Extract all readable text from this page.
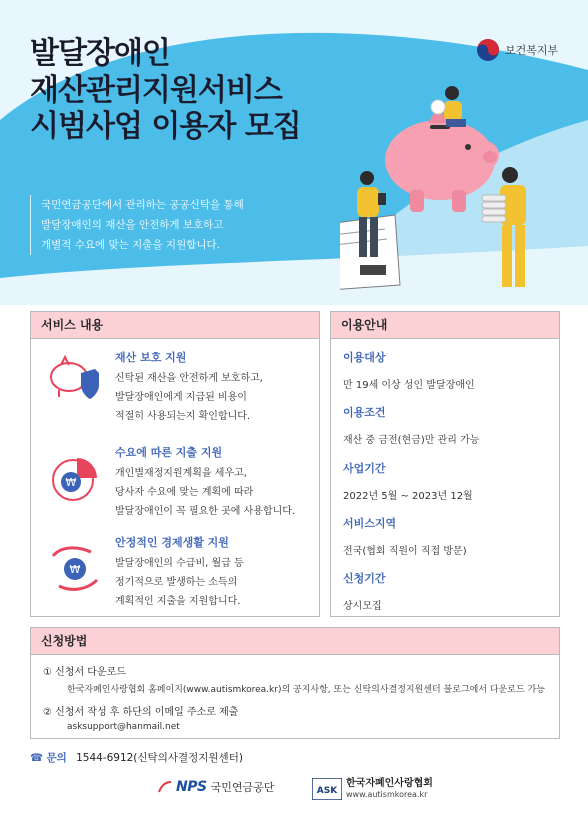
발달장애인
재산관리지원서비스
시범사업 이용자 모집
국민연금공단에서 관리하는 공공신탁을 통해
발달장애인의 재산을 안전하게 보호하고
개별적 수요에 맞는 지출을 지원합니다.
보건복지부
서비스 내용
재산 보호 지원
신탁된 재산을 안전하게 보호하고,
발달장애인에게 지급된 비용이
적절히 사용되는지 확인합니다.
₩
수요에 따른 지출 지원
개인별재정지원계획을 세우고,
당사자 수요에 맞는 계획에 따라
발달장애인이 꼭 필요한 곳에 사용합니다.
₩
안정적인 경제생활 지원
발달장애인의 수급비, 월급 등
정기적으로 발생하는 소득의
계획적인 지출을 지원합니다.
이용안내
이용대상
만 19세 이상 성인 발달장애인
이용조건
재산 중 금전(현금)만 관리 가능
사업기간
2022년 5월 ~ 2023년 12월
서비스지역
전국(협회 직원이 직접 방문)
신청기간
상시모집
신청방법
① 신청서 다운로드
한국자폐인사랑협회 홈페이지(www.autismkorea.kr)의 공지사항, 또는 신탁의사결정지원센터 블로그에서 다운로드 가능
② 신청서 작성 후 하단의 이메일 주소로 제출
asksupport@hanmail.net
☎ 문의 1544-6912(신탁의사결정지원센터)
NPS 국민연금공단	ASK
한국자폐인사랑협회
www.autismkorea.kr
